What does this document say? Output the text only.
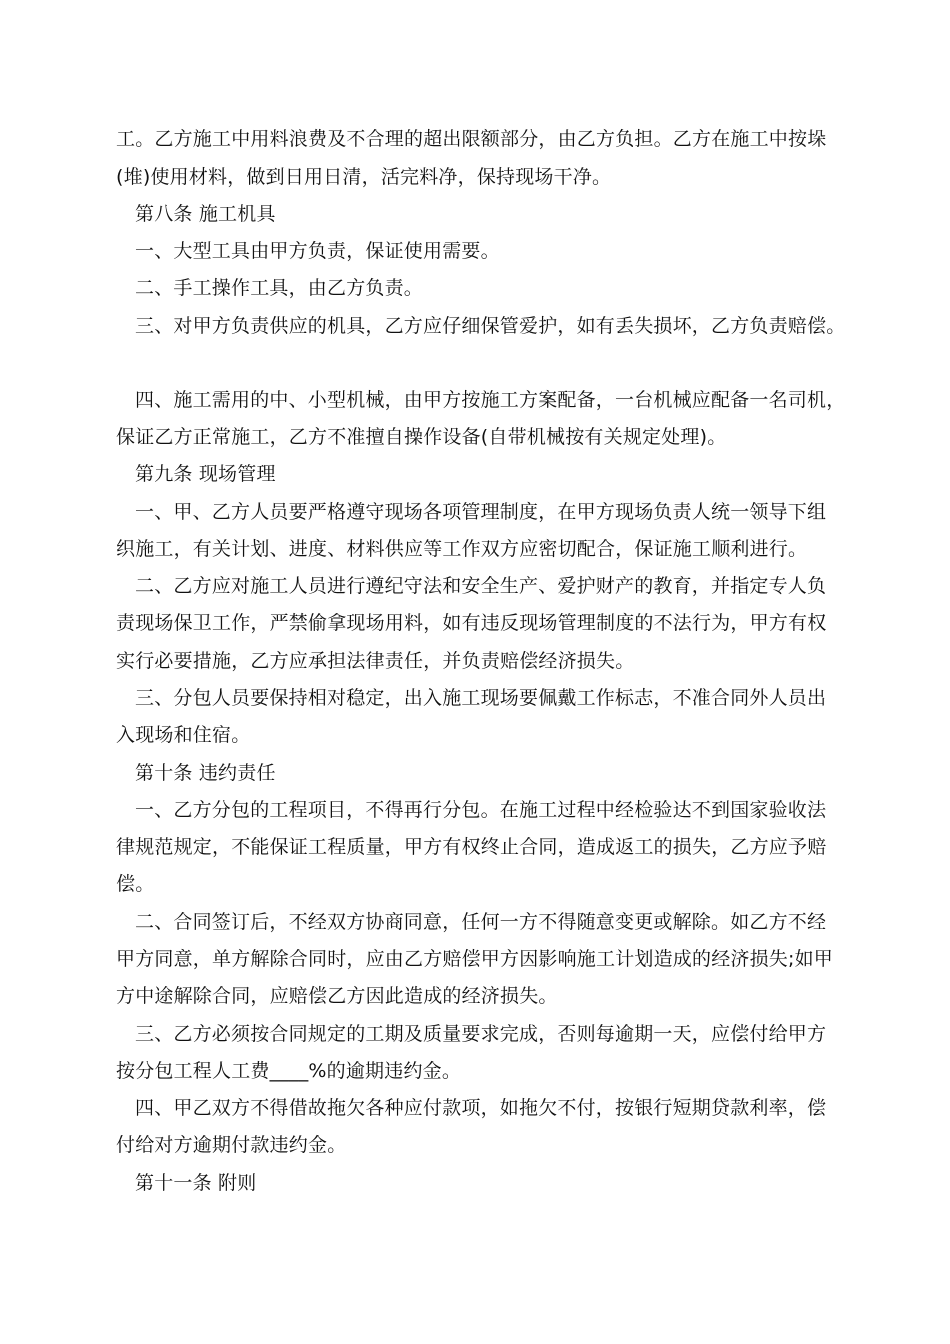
工。乙方施工中用料浪费及不合理的超出限额部分，由乙方负担。乙方在施工中按垛
(堆)使用材料，做到日用日清，活完料净，保持现场干净。
第八条 施工机具
一、大型工具由甲方负责，保证使用需要。
二、手工操作工具，由乙方负责。
三、对甲方负责供应的机具，乙方应仔细保管爱护，如有丢失损坏，乙方负责赔偿。
四、施工需用的中、小型机械，由甲方按施工方案配备，一台机械应配备一名司机，
保证乙方正常施工，乙方不准擅自操作设备(自带机械按有关规定处理)。
第九条 现场管理
一、甲、乙方人员要严格遵守现场各项管理制度，在甲方现场负责人统一领导下组
织施工，有关计划、进度、材料供应等工作双方应密切配合，保证施工顺利进行。
二、乙方应对施工人员进行遵纪守法和安全生产、爱护财产的教育，并指定专人负
责现场保卫工作，严禁偷拿现场用料，如有违反现场管理制度的不法行为，甲方有权
实行必要措施，乙方应承担法律责任，并负责赔偿经济损失。
三、分包人员要保持相对稳定，出入施工现场要佩戴工作标志，不准合同外人员出
入现场和住宿。
第十条 违约责任
一、乙方分包的工程项目，不得再行分包。在施工过程中经检验达不到国家验收法
律规范规定，不能保证工程质量，甲方有权终止合同，造成返工的损失，乙方应予赔
偿。
二、合同签订后，不经双方协商同意，任何一方不得随意变更或解除。如乙方不经
甲方同意，单方解除合同时，应由乙方赔偿甲方因影响施工计划造成的经济损失;如甲
方中途解除合同，应赔偿乙方因此造成的经济损失。
三、乙方必须按合同规定的工期及质量要求完成，否则每逾期一天，应偿付给甲方
按分包工程人工费____%的逾期违约金。
四、甲乙双方不得借故拖欠各种应付款项，如拖欠不付，按银行短期贷款利率，偿
付给对方逾期付款违约金。
第十一条 附则
